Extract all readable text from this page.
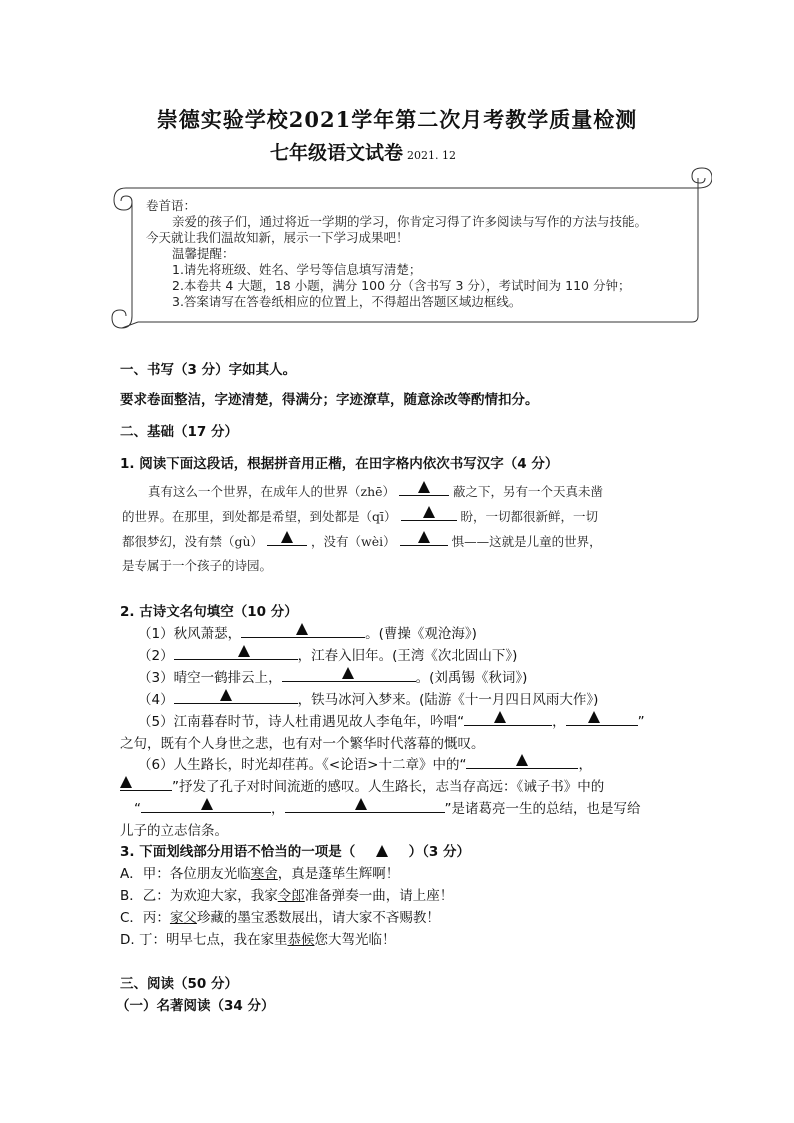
崇德实验学校2021学年第二次月考教学质量检测
七年级语文试卷 2021. 12
卷首语：
亲爱的孩子们，通过将近一学期的学习，你肯定习得了许多阅读与写作的方法与技能。
今天就让我们温故知新，展示一下学习成果吧！
温馨提醒：
1.请先将班级、姓名、学号等信息填写清楚；
2.本卷共 4 大题，18 小题，满分 100 分（含书写 3 分），考试时间为 110 分钟；
3.答案请写在答卷纸相应的位置上，不得超出答题区域边框线。
一、书写（3 分）字如其人。
要求卷面整洁，字迹清楚，得满分；字迹潦草，随意涂改等酌情扣分。
二、基础（17 分）
1. 阅读下面这段话，根据拼音用正楷，在田字格内依次书写汉字（4 分）
真有这么一个世界，在成年人的世界（zhē）	蔽之下，另有一个天真未凿
的世界。在那里，到处都是希望，到处都是（qī）	盼，一切都很新鲜，一切
都很梦幻，没有禁（gù）	，没有（wèi）	惧——这就是儿童的世界，
是专属于一个孩子的诗园。
2. 古诗文名句填空（10 分）
（1）秋风萧瑟，	。(曹操《观沧海》)
（2）	，江春入旧年。(王湾《次北固山下》)
（3）晴空一鹤排云上，	。(刘禹锡《秋词》)
（4）	，铁马冰河入梦来。(陆游《十一月四日风雨大作》)
（5）江南暮春时节，诗人杜甫遇见故人李龟年，吟唱“	，	”
之句，既有个人身世之悲，也有对一个繁华时代落幕的慨叹。
（6）人生路长，时光却荏苒。《<论语>十二章》中的“	，
”抒发了孔子对时间流逝的感叹。人生路长，志当存高远：《诫子书》中的
“	，	”是诸葛亮一生的总结，也是写给
儿子的立志信条。
3. 下面划线部分用语不恰当的一项是（	）（3 分）
A．甲：各位朋友光临寒舍，真是蓬荜生辉啊！
B．乙：为欢迎大家，我家令郎准备弹奏一曲，请上座！
C．丙：家父珍藏的墨宝悉数展出，请大家不吝赐教！
D. 丁：明早七点，我在家里恭候您大驾光临！
三、阅读（50 分）
（一）名著阅读（34 分）
